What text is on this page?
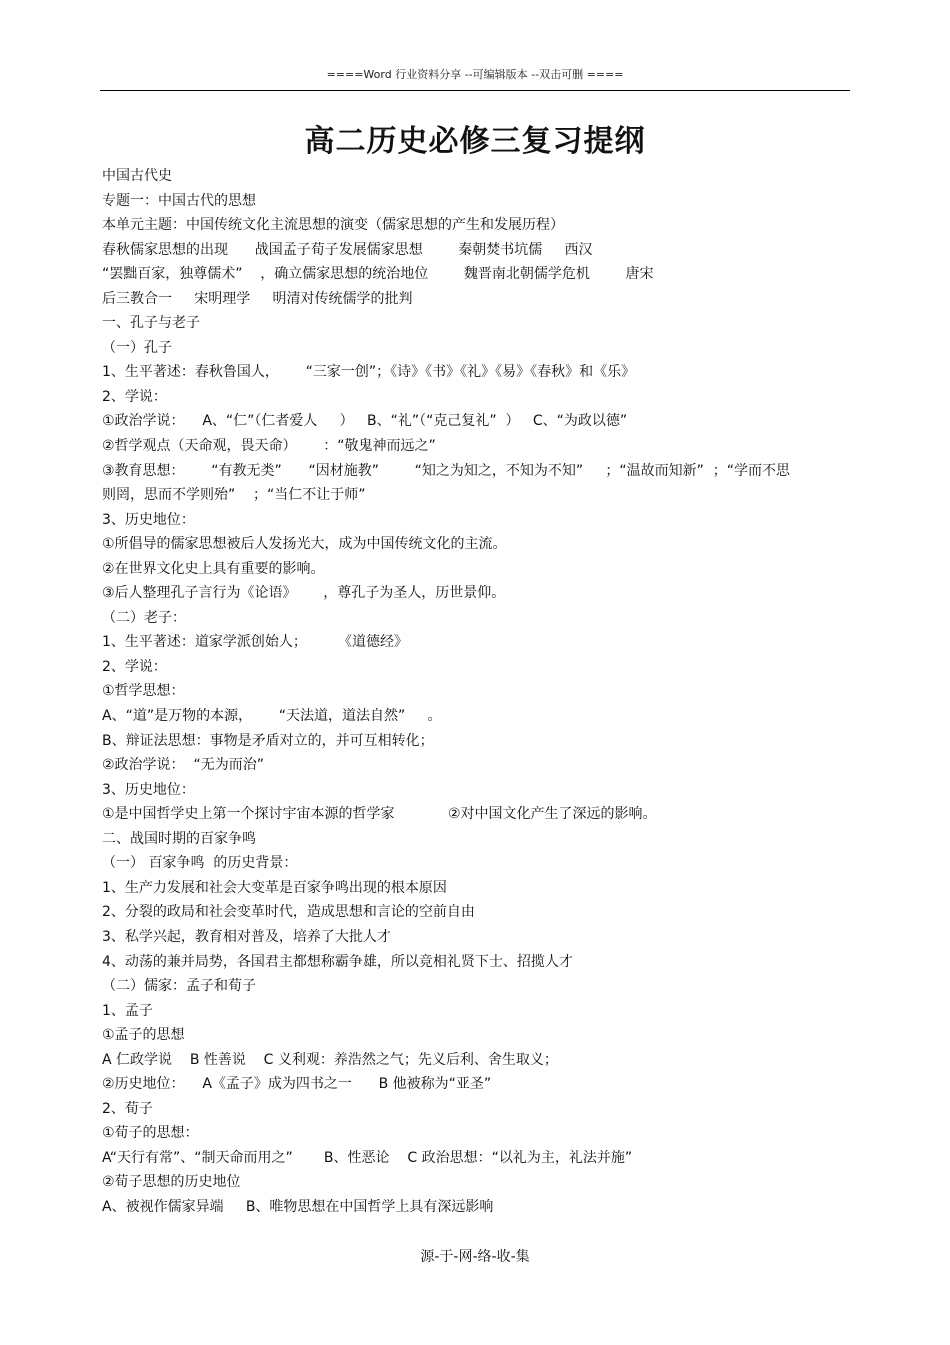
====Word 行业资料分享 --可编辑版本 --双击可删 ====
高二历史必修三复习提纲
中国古代史
专题一：中国古代的思想
本单元主题：中国传统文化主流思想的演变（儒家思想的产生和发展历程）
春秋儒家思想的出现      战国孟子荀子发展儒家思想        秦朝焚书坑儒     西汉
“罢黜百家，独尊儒术”    ，确立儒家思想的统治地位        魏晋南北朝儒学危机        唐宋
后三教合一     宋明理学     明清对传统儒学的批判
一、孔子与老子
（一）孔子
1、生平著述：春秋鲁国人，      “三家一创”；《诗》《书》《礼》《易》《春秋》和《乐》
2、学说：
①政治学说：    A、“仁”（仁者爱人     ）   B、“礼”（“克己复礼”  ）   C、“为政以德”
②哲学观点（天命观，畏天命）      ：“敬鬼神而远之”
③教育思想：      “有教无类”      “因材施教”        “知之为知之，不知为不知”     ；“温故而知新”  ；“学而不思
则罔，思而不学则殆”    ；“当仁不让于师”
3、历史地位：
①所倡导的儒家思想被后人发扬光大，成为中国传统文化的主流。
②在世界文化史上具有重要的影响。
③后人整理孔子言行为《论语》      ，尊孔子为圣人，历世景仰。
（二）老子：
1、生平著述：道家学派创始人；       《道德经》
2、学说：
①哲学思想：
A、“道”是万物的本源，      “天法道，道法自然”     。
B、辩证法思想：事物是矛盾对立的，并可互相转化；
②政治学说：  “无为而治”
3、历史地位：
①是中国哲学史上第一个探讨宇宙本源的哲学家            ②对中国文化产生了深远的影响。
二、战国时期的百家争鸣
（一） 百家争鸣  的历史背景：
1、生产力发展和社会大变革是百家争鸣出现的根本原因
2、分裂的政局和社会变革时代，造成思想和言论的空前自由
3、私学兴起，教育相对普及，培养了大批人才
4、动荡的兼并局势，各国君主都想称霸争雄，所以竞相礼贤下士、招揽人才
（二）儒家：孟子和荀子
1、孟子
①孟子的思想
A 仁政学说    B 性善说    C 义利观：养浩然之气；先义后利、舍生取义；
②历史地位：    A《孟子》成为四书之一      B 他被称为“亚圣”
2、荀子
①荀子的思想：
A“天行有常”、“制天命而用之”       B、性恶论    C 政治思想：“以礼为主，礼法并施”
②荀子思想的历史地位
A、被视作儒家异端     B、唯物思想在中国哲学上具有深远影响
源-于-网-络-收-集
